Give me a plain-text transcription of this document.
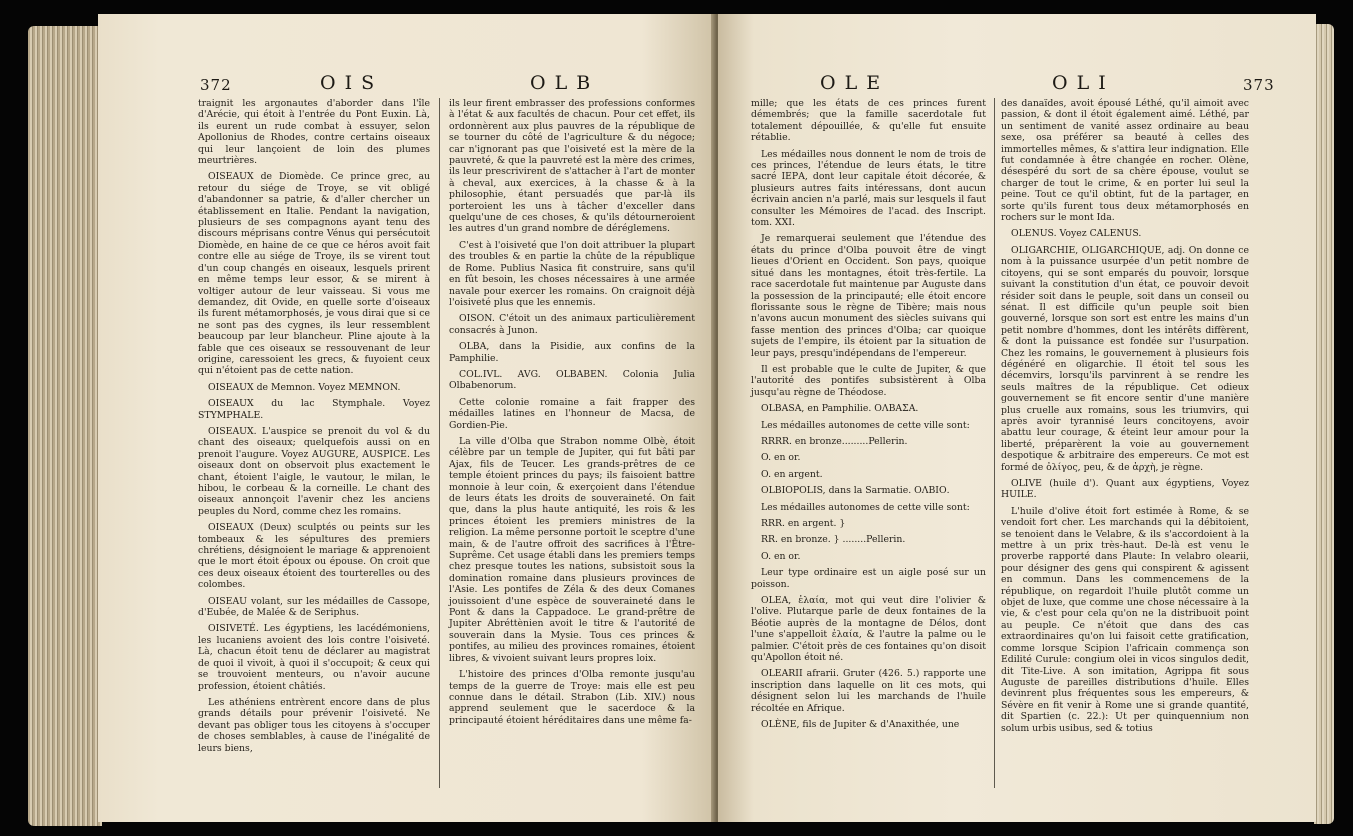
372	OIS	OLB

traignit les argonautes d'aborder dans l'île d'Arécie, qui étoit à l'entrée du Pont Euxin. Là, ils eurent un rude combat à essuyer, selon Apollonius de Rhodes, contre certains oiseaux qui leur lançoient de loin des plumes meurtrières.

OISEAUX de Diomède. Ce prince grec, au retour du siége de Troye, se vit obligé d'abandonner sa patrie, & d'aller chercher un établissement en Italie. Pendant la navigation, plusieurs de ses compagnons ayant tenu des discours méprisans contre Vénus qui persécutoit Diomède, en haine de ce que ce héros avoit fait contre elle au siége de Troye, ils se virent tout d'un coup changés en oiseaux, lesquels prirent en même temps leur essor, & se mirent à voltiger autour de leur vaisseau. Si vous me demandez, dit Ovide, en quelle sorte d'oiseaux ils furent métamorphosés, je vous dirai que si ce ne sont pas des cygnes, ils leur ressemblent beaucoup par leur blancheur. Pline ajoute à la fable que ces oiseaux se ressouvenant de leur origine, caressoient les grecs, & fuyoient ceux qui n'étoient pas de cette nation.

OISEAUX de Memnon. Voyez MEMNON.

OISEAUX du lac Stymphale. Voyez STYMPHALE.

OISEAUX. L'auspice se prenoit du vol & du chant des oiseaux; quelquefois aussi on en prenoit l'augure. Voyez AUGURE, AUSPICE. Les oiseaux dont on observoit plus exactement le chant, étoient l'aigle, le vautour, le milan, le hibou, le corbeau & la corneille. Le chant des oiseaux annonçoit l'avenir chez les anciens peuples du Nord, comme chez les romains.

OISEAUX (Deux) sculptés ou peints sur les tombeaux & les sépultures des premiers chrétiens, désignoient le mariage & apprenoient que le mort étoit époux ou épouse. On croit que ces deux oiseaux étoient des tourterelles ou des colombes.

OISEAU volant, sur les médailles de Cassope, d'Eubée, de Malée & de Seriphus.

OISIVETÉ. Les égyptiens, les lacédémoniens, les lucaniens avoient des lois contre l'oisiveté. Là, chacun étoit tenu de déclarer au magistrat de quoi il vivoit, à quoi il s'occupoit; & ceux qui se trouvoient menteurs, ou n'avoir aucune profession, étoient châtiés.

Les athéniens entrèrent encore dans de plus grands détails pour prévenir l'oisiveté. Ne devant pas obliger tous les citoyens à s'occuper de choses semblables, à cause de l'inégalité de leurs biens,

ils leur firent embrasser des professions conformes à l'état & aux facultés de chacun. Pour cet effet, ils ordonnèrent aux plus pauvres de la république de se tourner du côté de l'agriculture & du négoce; car n'ignorant pas que l'oisiveté est la mère de la pauvreté, & que la pauvreté est la mère des crimes, ils leur prescrivirent de s'attacher à l'art de monter à cheval, aux exercices, à la chasse & à la philosophie, étant persuadés que par-là ils porteroient les uns à tâcher d'exceller dans quelqu'une de ces choses, & qu'ils détourneroient les autres d'un grand nombre de déréglemens.

C'est à l'oisiveté que l'on doit attribuer la plupart des troubles & en partie la chûte de la république de Rome. Publius Nasica fit construire, sans qu'il en fût besoin, les choses nécessaires à une armée navale pour exercer les romains. On craignoit déjà l'oisiveté plus que les ennemis.

OISON. C'étoit un des animaux particulièrement consacrés à Junon.

OLBA, dans la Pisidie, aux confins de la Pamphilie.

COL.IVL. AVG. OLBABEN. Colonia Julia Olbabenorum.

Cette colonie romaine a fait frapper des médailles latines en l'honneur de Macsa, de Gordien-Pie.

La ville d'Olba que Strabon nomme Olbè, étoit célèbre par un temple de Jupiter, qui fut bâti par Ajax, fils de Teucer. Les grands-prêtres de ce temple étoient princes du pays; ils faisoient battre monnoie à leur coin, & exerçoient dans l'étendue de leurs états les droits de souveraineté. On fait que, dans la plus haute antiquité, les rois & les princes étoient les premiers ministres de la religion. La même personne portoit le sceptre d'une main, & de l'autre offroit des sacrifices à l'Être-Suprême. Cet usage établi dans les premiers temps chez presque toutes les nations, subsistoit sous la domination romaine dans plusieurs provinces de l'Asie. Les pontifes de Zéla & des deux Comanes jouissoient d'une espèce de souveraineté dans le Pont & dans la Cappadoce. Le grand-prêtre de Jupiter Abréttènien avoit le titre & l'autorité de souverain dans la Mysie. Tous ces princes & pontifes, au milieu des provinces romaines, étoient libres, & vivoient suivant leurs propres loix.

L'histoire des princes d'Olba remonte jusqu'au temps de la guerre de Troye: mais elle est peu connue dans le détail. Strabon (Lib. XIV.) nous apprend seulement que le sacerdoce & la principauté étoient héréditaires dans une même fa-

OLE	OLI	373

mille; que les états de ces princes furent démembrés; que la famille sacerdotale fut totalement dépouillée, & qu'elle fut ensuite rétablie.

Les médailles nous donnent le nom de trois de ces princes, l'étendue de leurs états, le titre sacré ΙΕΡΑ, dont leur capitale étoit décorée, & plusieurs autres faits intéressans, dont aucun écrivain ancien n'a parlé, mais sur lesquels il faut consulter les Mémoires de l'acad. des Inscript. tom. XXI.

Je remarquerai seulement que l'étendue des états du prince d'Olba pouvoit être de vingt lieues d'Orient en Occident. Son pays, quoique situé dans les montagnes, étoit très-fertile. La race sacerdotale fut maintenue par Auguste dans la possession de la principauté; elle étoit encore florissante sous le règne de Tibère; mais nous n'avons aucun monument des siècles suivans qui fasse mention des princes d'Olba; car quoique sujets de l'empire, ils étoient par la situation de leur pays, presqu'indépendans de l'empereur.

Il est probable que le culte de Jupiter, & que l'autorité des pontifes subsistèrent à Olba jusqu'au règne de Théodose.

OLBASA, en Pamphilie. ΟΛΒΑΣΑ.

Les médailles autonomes de cette ville sont:

RRRR. en bronze.........Pellerin.

O. en or.

O. en argent.

OLBIOPOLIS, dans la Sarmatie. ΟΛΒΙΟ.

Les médailles autonomes de cette ville sont:

RRR. en argent. }

RR. en bronze. } ........Pellerin.

O. en or.

Leur type ordinaire est un aigle posé sur un poisson.

OLEA, ἐλαία, mot qui veut dire l'olivier & l'olive. Plutarque parle de deux fontaines de la Béotie auprès de la montagne de Délos, dont l'une s'appelloit ἐλαία, & l'autre la palme ou le palmier. C'étoit près de ces fontaines qu'on disoit qu'Apollon étoit né.

OLEARII afrarii. Gruter (426. 5.) rapporte une inscription dans laquelle on lit ces mots, qui désignent selon lui les marchands de l'huile récoltée en Afrique.

OLÈNE, fils de Jupiter & d'Anaxithée, une

des danaïdes, avoit épousé Léthé, qu'il aimoit avec passion, & dont il étoit également aimé. Léthé, par un sentiment de vanité assez ordinaire au beau sexe, osa préférer sa beauté à celles des immortelles mêmes, & s'attira leur indignation. Elle fut condamnée à être changée en rocher. Olène, désespéré du sort de sa chère épouse, voulut se charger de tout le crime, & en porter lui seul la peine. Tout ce qu'il obtint, fut de la partager, en sorte qu'ils furent tous deux métamorphosés en rochers sur le mont Ida.

OLENUS. Voyez CALENUS.

OLIGARCHIE, OLIGARCHIQUE, adj. On donne ce nom à la puissance usurpée d'un petit nombre de citoyens, qui se sont emparés du pouvoir, lorsque suivant la constitution d'un état, ce pouvoir devoit résider soit dans le peuple, soit dans un conseil ou sénat. Il est difficile qu'un peuple soit bien gouverné, lorsque son sort est entre les mains d'un petit nombre d'hommes, dont les intérêts diffèrent, & dont la puissance est fondée sur l'usurpation. Chez les romains, le gouvernement à plusieurs fois dégénéré en oligarchie. Il étoit tel sous les décemvirs, lorsqu'ils parvinrent à se rendre les seuls maîtres de la république. Cet odieux gouvernement se fit encore sentir d'une manière plus cruelle aux romains, sous les triumvirs, qui après avoir tyrannisé leurs concitoyens, avoir abattu leur courage, & éteint leur amour pour la liberté, préparèrent la voie au gouvernement despotique & arbitraire des empereurs. Ce mot est formé de ὀλίγος, peu, & de ἀρχὴ, je règne.

OLIVE (huile d'). Quant aux égyptiens, Voyez HUILE.

L'huile d'olive étoit fort estimée à Rome, & se vendoit fort cher. Les marchands qui la débitoient, se tenoient dans le Velabre, & ils s'accordoient à la mettre à un prix très-haut. De-là est venu le proverbe rapporté dans Plaute: In velabro olearii, pour désigner des gens qui conspirent & agissent en commun. Dans les commencemens de la république, on regardoit l'huile plutôt comme un objet de luxe, que comme une chose nécessaire à la vie, & c'est pour cela qu'on ne la distribuoit point au peuple. Ce n'étoit que dans des cas extraordinaires qu'on lui faisoit cette gratification, comme lorsque Scipion l'africain commença son Edilité Curule: congium olei in vicos singulos dedit, dit Tite-Live. A son imitation, Agrippa fit sous Auguste de pareilles distributions d'huile. Elles devinrent plus fréquentes sous les empereurs, & Sévère en fit venir à Rome une si grande quantité, dit Spartien (c. 22.): Ut per quinquennium non solum urbis usibus, sed & totius
